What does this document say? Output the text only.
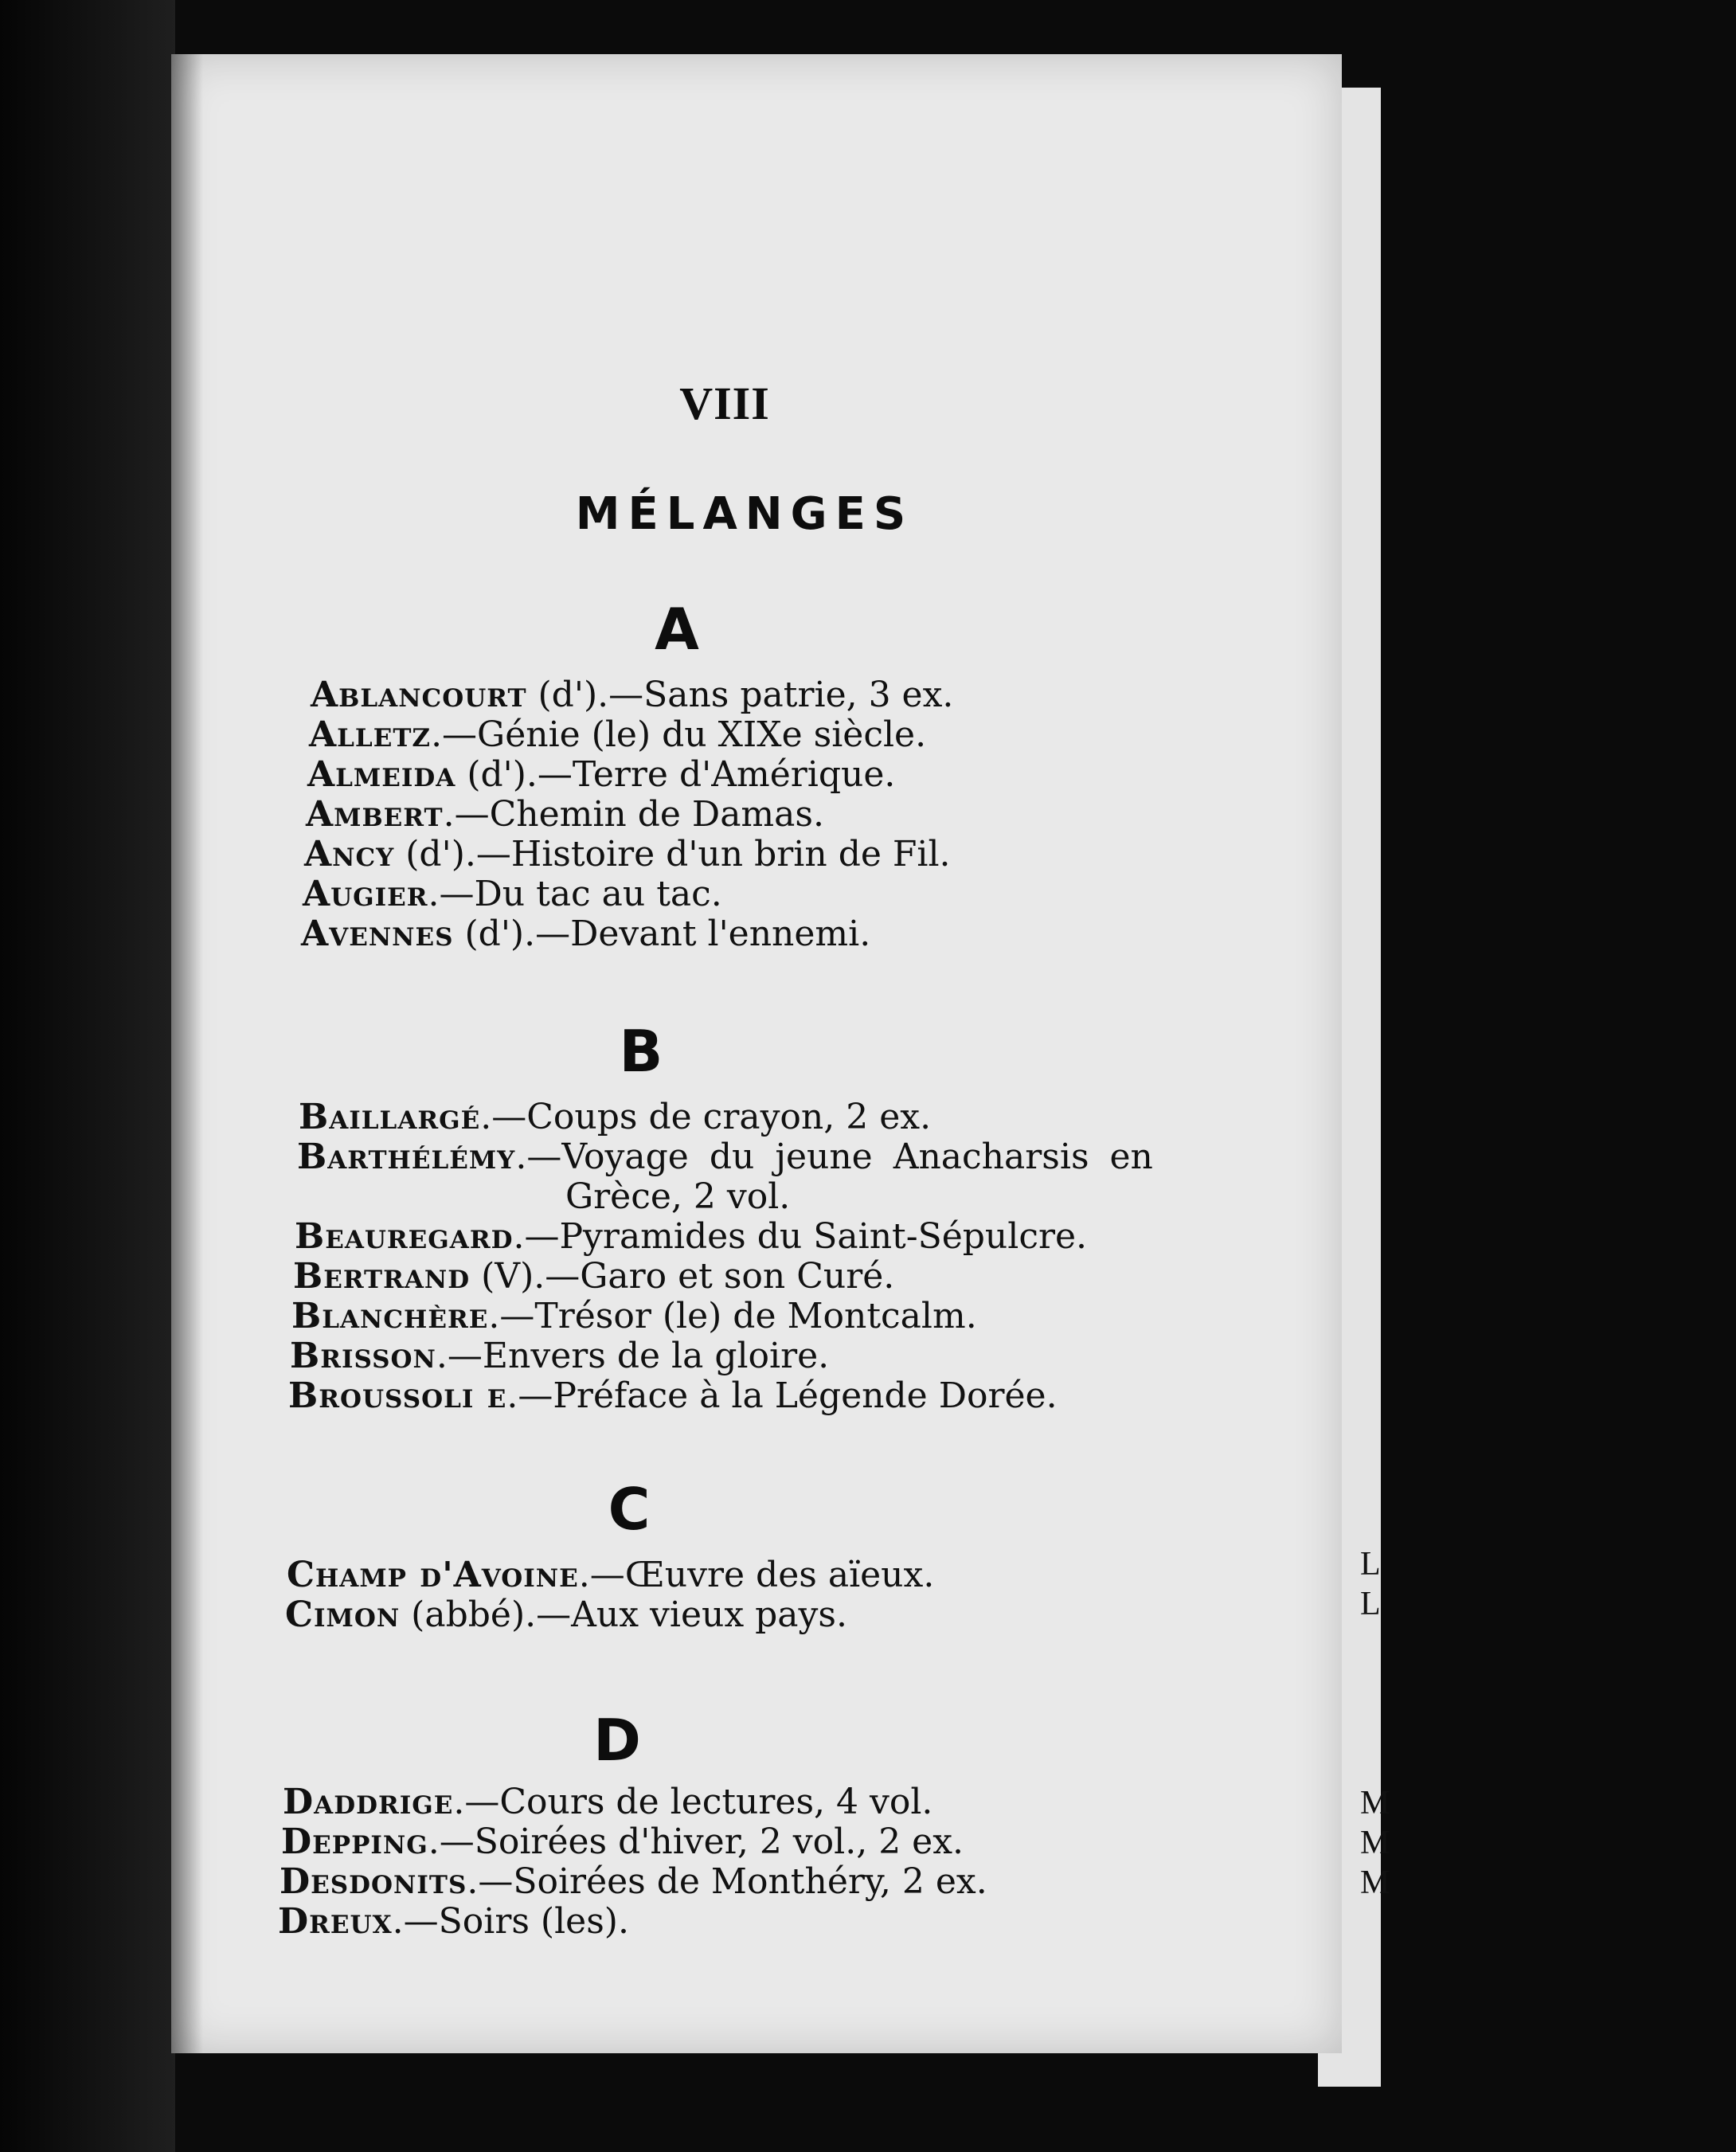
VIII
MÉLANGES
A
Ablancourt (d').—Sans patrie, 3 ex.
Alletz.—Génie (le) du XIXe siècle.
Almeida (d').—Terre d'Amérique.
Ambert.—Chemin de Damas.
Ancy (d').—Histoire d'un brin de Fil.
Augier.—Du tac au tac.
Avennes (d').—Devant l'ennemi.
B
Baillargé.—Coups de crayon, 2 ex.
Barthélémy.—Voyage du jeune Anacharsis en
Grèce, 2 vol.
Beauregard.—Pyramides du Saint-Sépulcre.
Bertrand (V).—Garo et son Curé.
Blanchère.—Trésor (le) de Montcalm.
Brisson.—Envers de la gloire.
Broussoli e.—Préface à la Légende Dorée.
C
Champ d'Avoine.—Œuvre des aïeux.
Cimon (abbé).—Aux vieux pays.
D
Daddrige.—Cours de lectures, 4 vol.
Depping.—Soirées d'hiver, 2 vol., 2 ex.
Desdonits.—Soirées de Monthéry, 2 ex.
Dreux.—Soirs (les).
L
L
M
M
M
